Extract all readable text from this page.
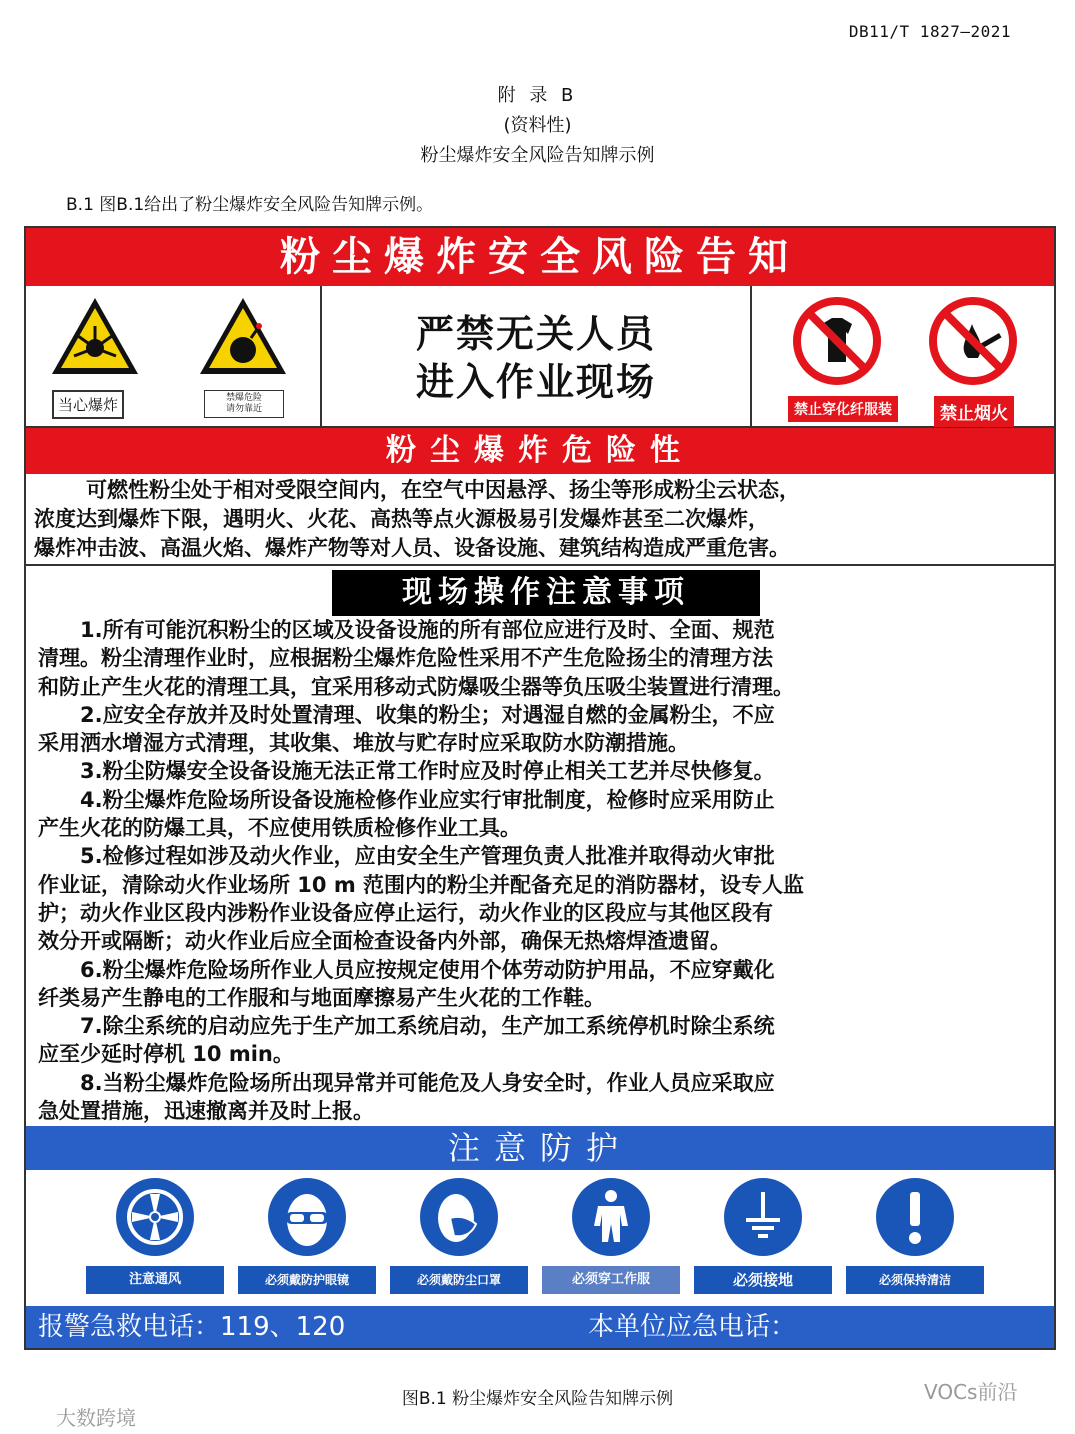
DB11/T 1827—2021
附 录 B
(资料性)
粉尘爆炸安全风险告知牌示例
B.1 图B.1给出了粉尘爆炸安全风险告知牌示例。
粉尘爆炸安全风险告知
当心爆炸	禁爆危险
请勿靠近
严禁无关人员
进入作业现场
禁止穿化纤服装	禁止烟火
粉尘爆炸危险性

可燃性粉尘处于相对受限空间内，在空气中因悬浮、扬尘等形成粉尘云状态，

浓度达到爆炸下限，遇明火、火花、高热等点火源极易引发爆炸甚至二次爆炸，

爆炸冲击波、高温火焰、爆炸产物等对人员、设备设施、建筑结构造成严重危害。

现场操作注意事项

　　1.所有可能沉积粉尘的区域及设备设施的所有部位应进行及时、全面、规范

清理。粉尘清理作业时，应根据粉尘爆炸危险性采用不产生危险扬尘的清理方法

和防止产生火花的清理工具，宜采用移动式防爆吸尘器等负压吸尘装置进行清理。

　　2.应安全存放并及时处置清理、收集的粉尘；对遇湿自燃的金属粉尘，不应

采用洒水增湿方式清理，其收集、堆放与贮存时应采取防水防潮措施。

　　3.粉尘防爆安全设备设施无法正常工作时应及时停止相关工艺并尽快修复。

　　4.粉尘爆炸危险场所设备设施检修作业应实行审批制度，检修时应采用防止

产生火花的防爆工具，不应使用铁质检修作业工具。

　　5.检修过程如涉及动火作业，应由安全生产管理负责人批准并取得动火审批

作业证，清除动火作业场所 10 m 范围内的粉尘并配备充足的消防器材，设专人监

护；动火作业区段内涉粉作业设备应停止运行，动火作业的区段应与其他区段有

效分开或隔断；动火作业后应全面检查设备内外部，确保无热熔焊渣遗留。

　　6.粉尘爆炸危险场所作业人员应按规定使用个体劳动防护用品，不应穿戴化

纤类易产生静电的工作服和与地面摩擦易产生火花的工作鞋。

　　7.除尘系统的启动应先于生产加工系统启动，生产加工系统停机时除尘系统

应至少延时停机 10 min。

　　8.当粉尘爆炸危险场所出现异常并可能危及人身安全时，作业人员应采取应

急处置措施，迅速撤离并及时上报。

注意防护
注意通风	必须戴防护眼镜	必须戴防尘口罩	必须穿工作服	必须接地	必须保持清洁
报警急救电话：119、120	本单位应急电话：
图B.1 粉尘爆炸安全风险告知牌示例
大数跨境
VOCs前沿
